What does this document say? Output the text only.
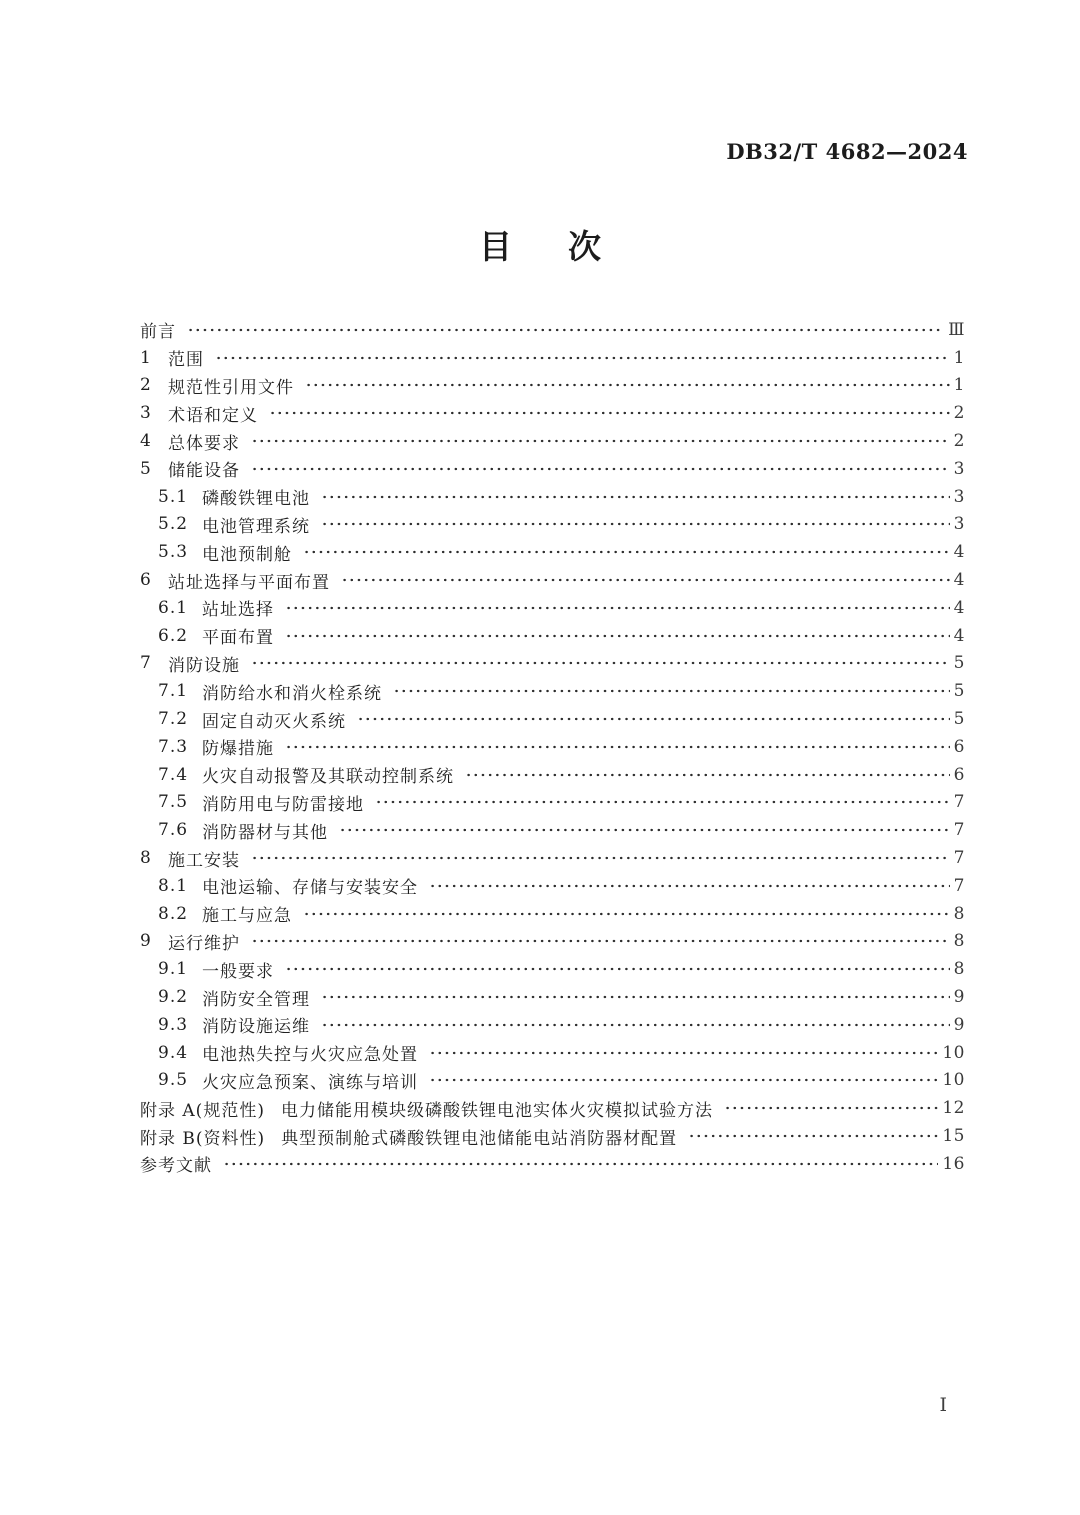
DB32/T 4682—2024
目　次
前言	Ⅲ
1 范围	1
2 规范性引用文件	1
3 术语和定义	2
4 总体要求	2
5 储能设备	3
5.1 磷酸铁锂电池	3
5.2 电池管理系统	3
5.3 电池预制舱	4
6 站址选择与平面布置	4
6.1 站址选择	4
6.2 平面布置	4
7 消防设施	5
7.1 消防给水和消火栓系统	5
7.2 固定自动灭火系统	5
7.3 防爆措施	6
7.4 火灾自动报警及其联动控制系统	6
7.5 消防用电与防雷接地	7
7.6 消防器材与其他	7
8 施工安装	7
8.1 电池运输、存储与安装安全	7
8.2 施工与应急	8
9 运行维护	8
9.1 一般要求	8
9.2 消防安全管理	9
9.3 消防设施运维	9
9.4 电池热失控与火灾应急处置	10
9.5 火灾应急预案、演练与培训	10
附录 A(规范性) 电力储能用模块级磷酸铁锂电池实体火灾模拟试验方法	12
附录 B(资料性) 典型预制舱式磷酸铁锂电池储能电站消防器材配置	15
参考文献	16
Ⅰ
